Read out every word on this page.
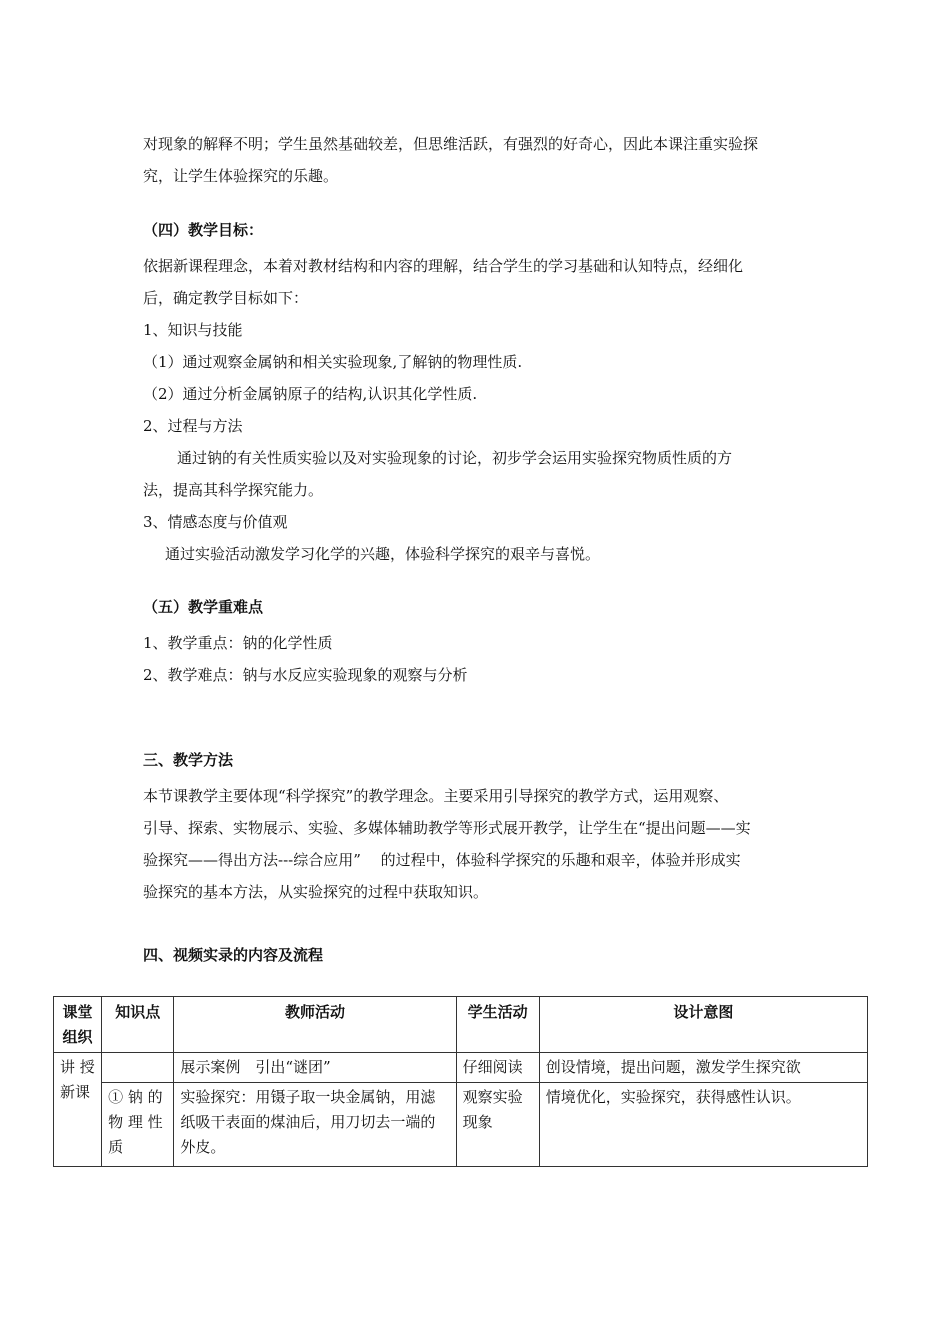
对现象的解释不明；学生虽然基础较差，但思维活跃，有强烈的好奇心，因此本课注重实验探
究，让学生体验探究的乐趣。
（四）教学目标：
依据新课程理念，本着对教材结构和内容的理解，结合学生的学习基础和认知特点，经细化
后，确定教学目标如下：
1、知识与技能
（1）通过观察金属钠和相关实验现象,了解钠的物理性质.
（2）通过分析金属钠原子的结构,认识其化学性质.
2、过程与方法
通过钠的有关性质实验以及对实验现象的讨论，初步学会运用实验探究物质性质的方
法，提高其科学探究能力。
3、情感态度与价值观
通过实验活动激发学习化学的兴趣，体验科学探究的艰辛与喜悦。
（五）教学重难点
1、教学重点：钠的化学性质
2、教学难点：钠与水反应实验现象的观察与分析
三、教学方法
本节课教学主要体现“科学探究”的教学理念。主要采用引导探究的教学方式，运用观察、
引导、探索、实物展示、实验、多媒体辅助教学等形式展开教学，让学生在“提出问题——实
验探究——得出方法---综合应用”　 的过程中，体验科学探究的乐趣和艰辛，体验并形成实
验探究的基本方法，从实验探究的过程中获取知识。
四、视频实录的内容及流程
课堂组织	知识点	教师活动	学生活动	设计意图
讲 授新课		展示案例　引出“谜团”	仔细阅读	创设情境，提出问题，激发学生探究欲
	① 钠 的物 理 性质	实验探究：用镊子取一块金属钠，用滤纸吸干表面的煤油后，用刀切去一端的外皮。	观察实验现象	情境优化，实验探究，获得感性认识。
